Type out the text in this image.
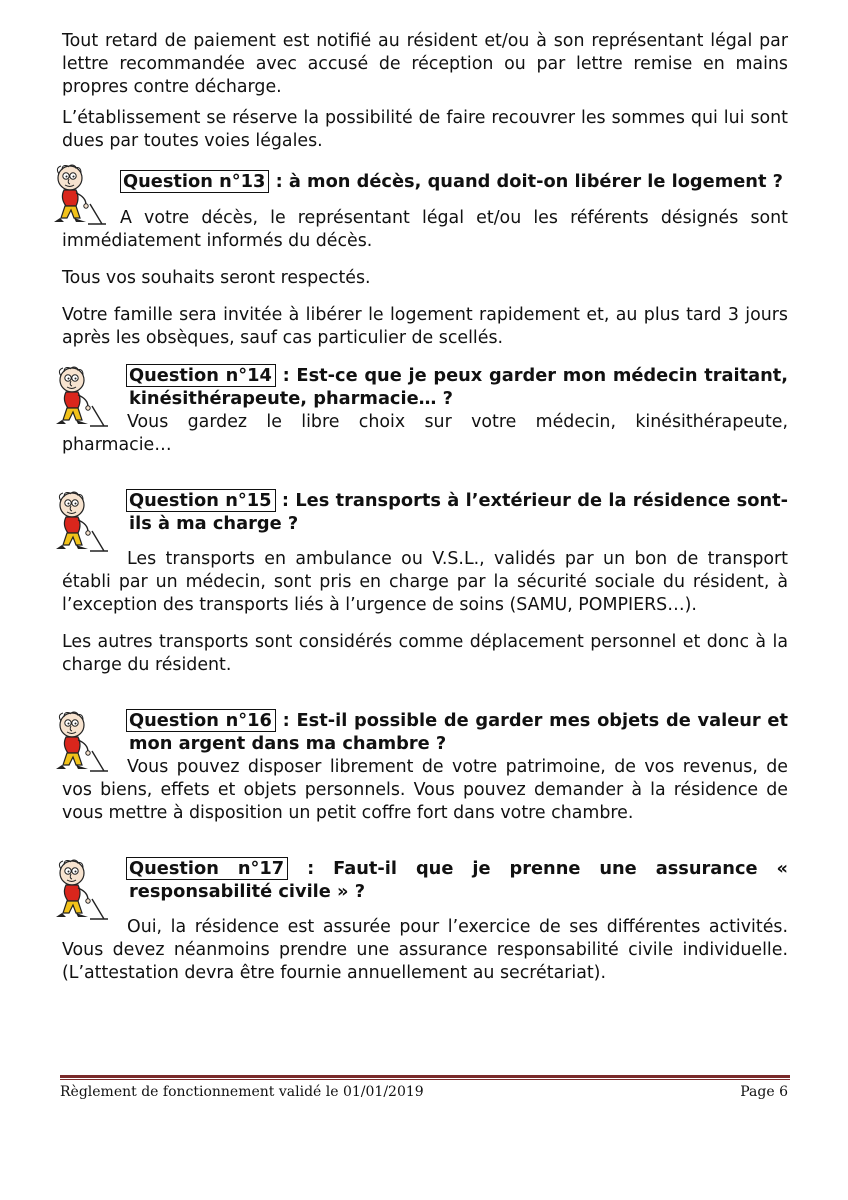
Tout retard de paiement est notifié au résident et/ou à son représentant légal par lettre recommandée avec accusé de réception ou par lettre remise en mains propres contre décharge.

L’établissement se réserve la possibilité de faire recouvrer les sommes qui lui sont dues par toutes voies légales.

Question n°13 : à mon décès, quand doit-on libérer le logement ?

A votre décès, le représentant légal et/ou les référents désignés sont immédiatement informés du décès.

Tous vos souhaits seront respectés.

Votre famille sera invitée à libérer le logement rapidement et, au plus tard 3 jours après les obsèques, sauf cas particulier de scellés.

Question n°14 : Est-ce que je peux garder mon médecin traitant, kinésithérapeute, pharmacie… ?

Vous gardez le libre choix sur votre médecin, kinésithérapeute, pharmacie…

Question n°15 : Les transports à l’extérieur de la résidence sont-ils à ma charge ?

Les transports en ambulance ou V.S.L., validés par un bon de transport établi par un médecin, sont pris en charge par la sécurité sociale du résident, à l’exception des transports liés à l’urgence de soins (SAMU, POMPIERS…).

Les autres transports sont considérés comme déplacement personnel et donc à la charge du résident.

Question n°16 : Est-il possible de garder mes objets de valeur et mon argent dans ma chambre ?

Vous pouvez disposer librement de votre patrimoine, de vos revenus, de vos biens, effets et objets personnels. Vous pouvez demander à la résidence de vous mettre à disposition un petit coffre fort dans votre chambre.

Question n°17 : Faut-il que je prenne une assurance « responsabilité civile » ?

Oui, la résidence est assurée pour l’exercice de ses différentes activités. Vous devez néanmoins prendre une assurance responsabilité civile individuelle. (L’attestation devra être fournie annuellement au secrétariat).

Règlement de fonctionnement validé le 01/01/2019	Page 6
